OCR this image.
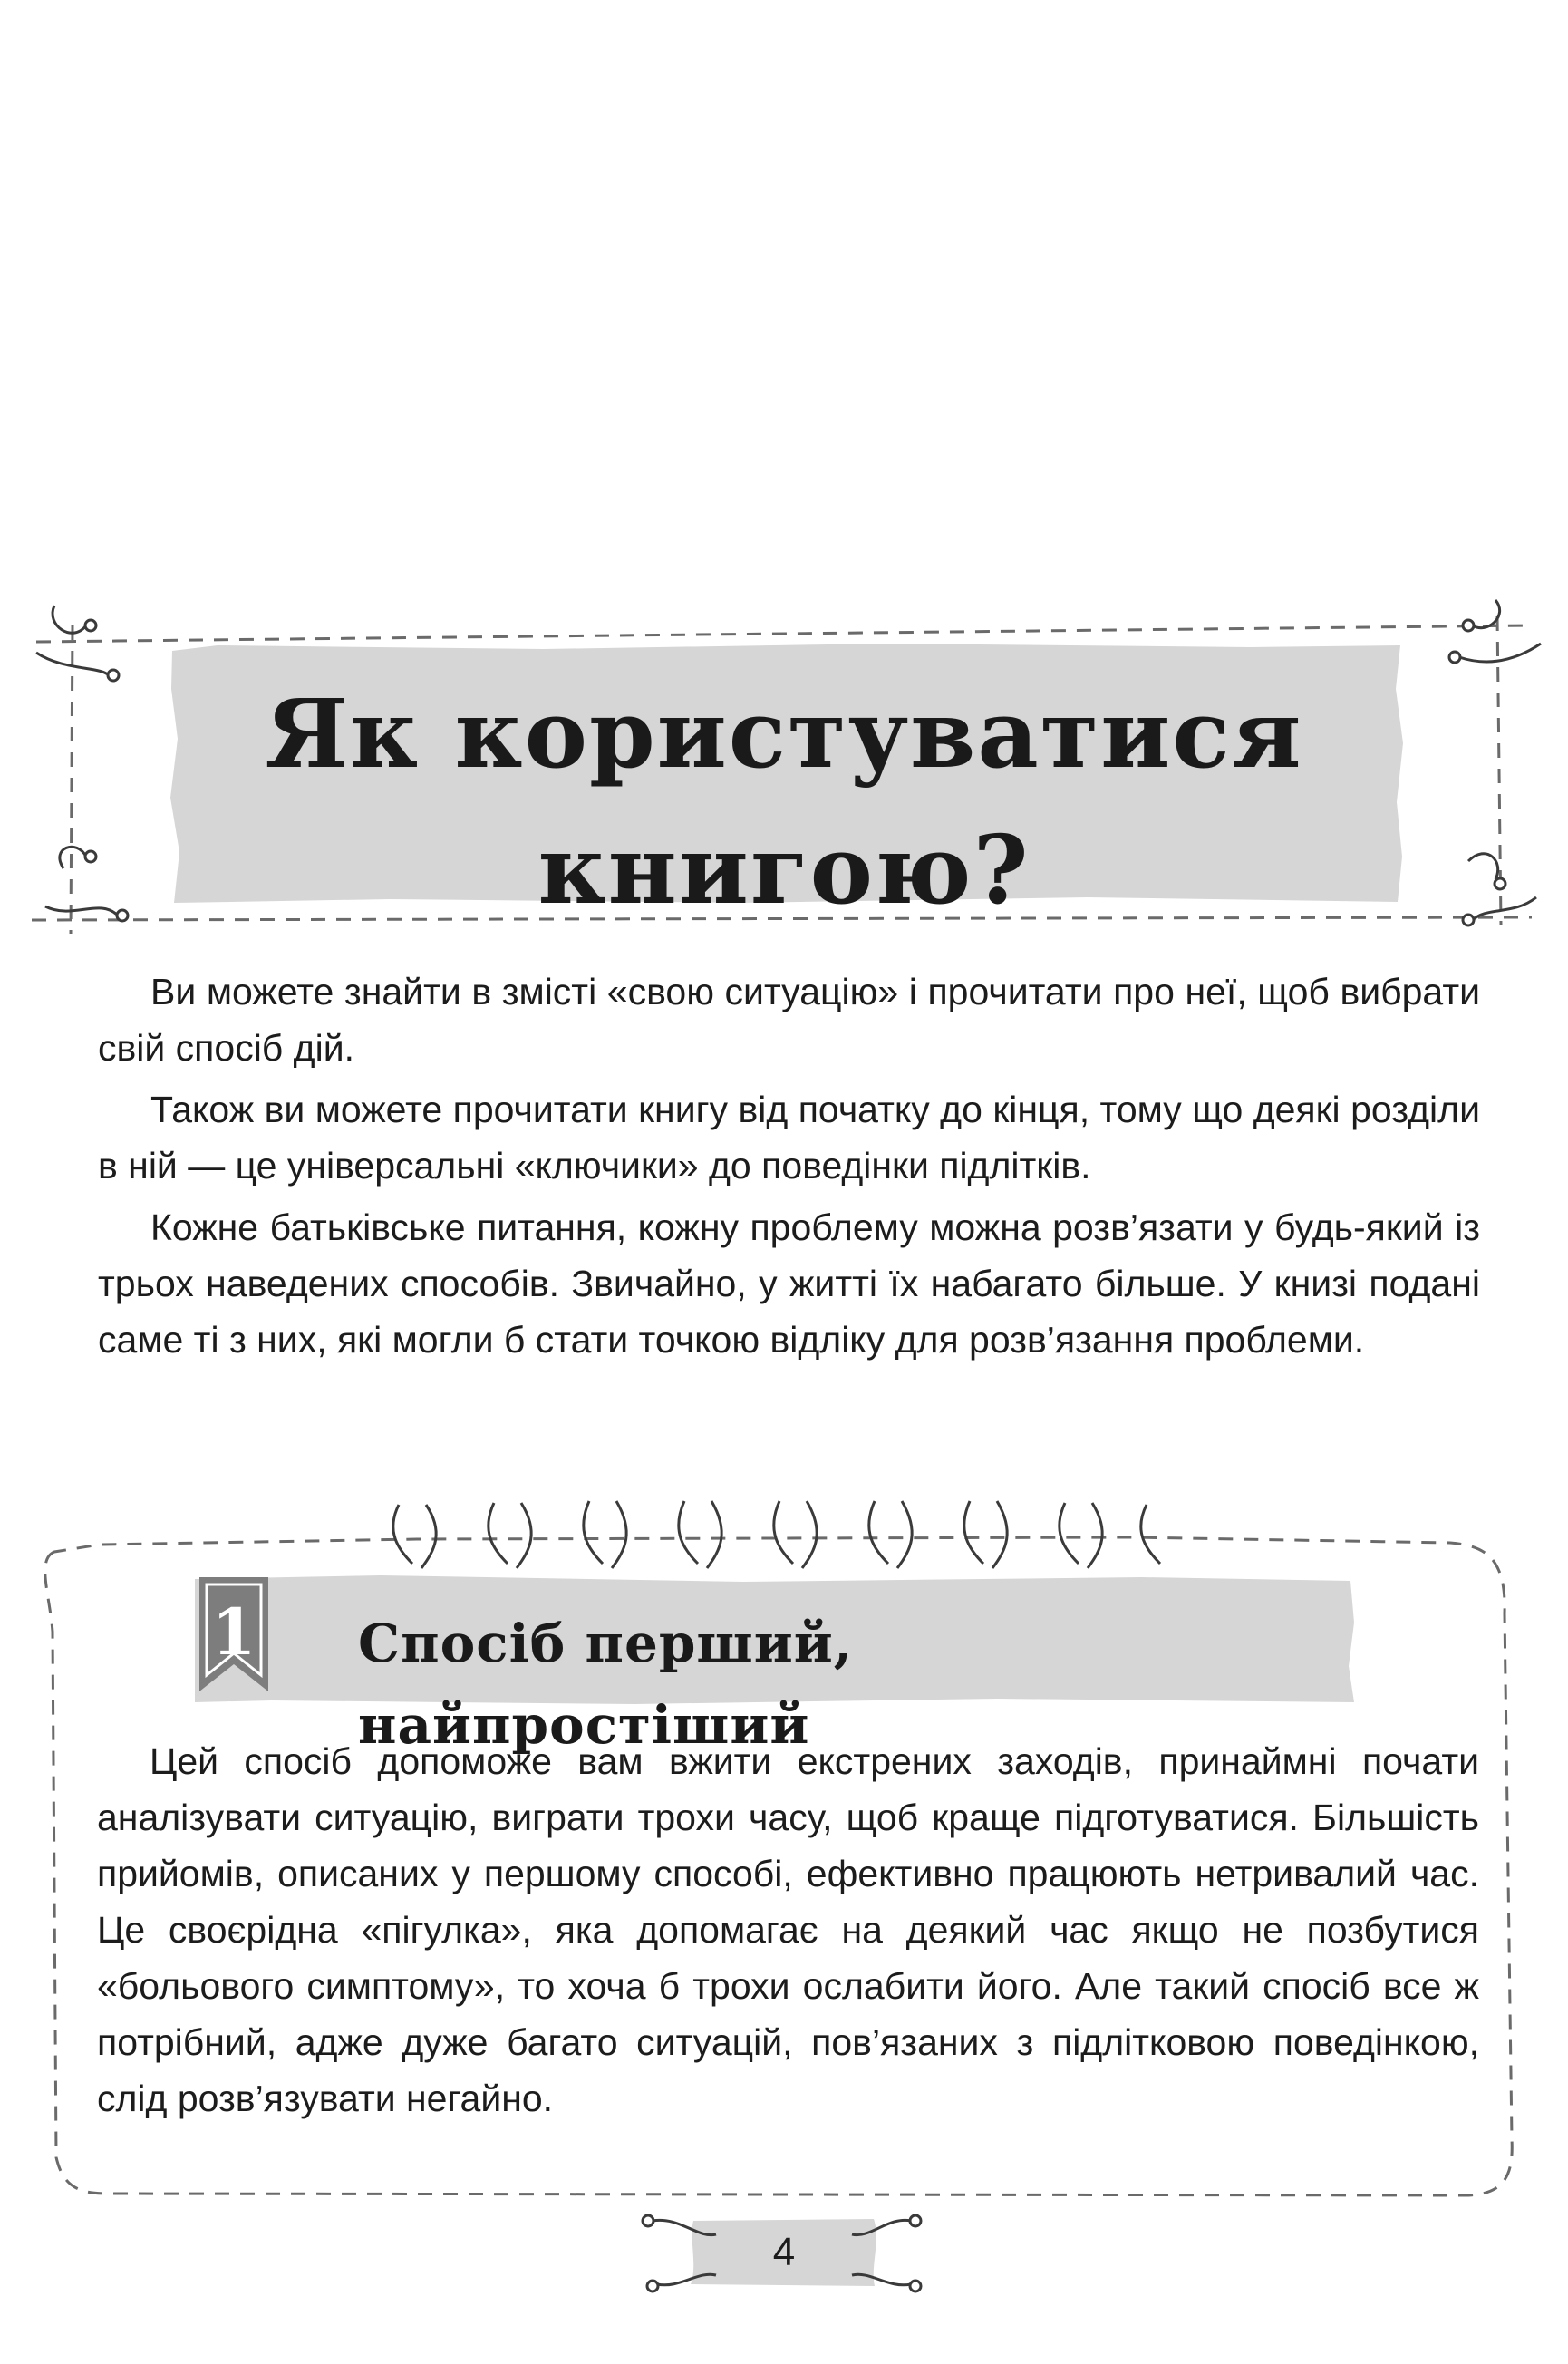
Як користуватися книгою?

Ви можете знайти в змісті «свою ситуацію» і прочитати про неї, щоб вибрати свій спосіб дій.

Також ви можете прочитати книгу від початку до кінця, тому що деякі розділи в ній — це універсальні «ключики» до поведінки підлітків.

Кожне батьківське питання, кожну проблему можна розв’язати у будь-який із трьох наведених способів. Звичайно, у житті їх набагато більше. У книзі подані саме ті з них, які могли б стати точкою відліку для розв’язання проблеми.

1 Спосіб перший, найпростіший

Цей спосіб допоможе вам вжити екстрених заходів, принаймні почати аналізувати ситуацію, виграти трохи часу, щоб краще підготуватися. Більшість прийомів, описаних у першому способі, ефективно працюють нетривалий час. Це своєрідна «пігулка», яка допомагає на деякий час якщо не позбутися «больового симптому», то хоча б трохи ослабити його. Але такий спосіб все ж потрібний, адже дуже багато ситуацій, пов’язаних з підлітковою поведінкою, слід розв’язувати негайно.

4
